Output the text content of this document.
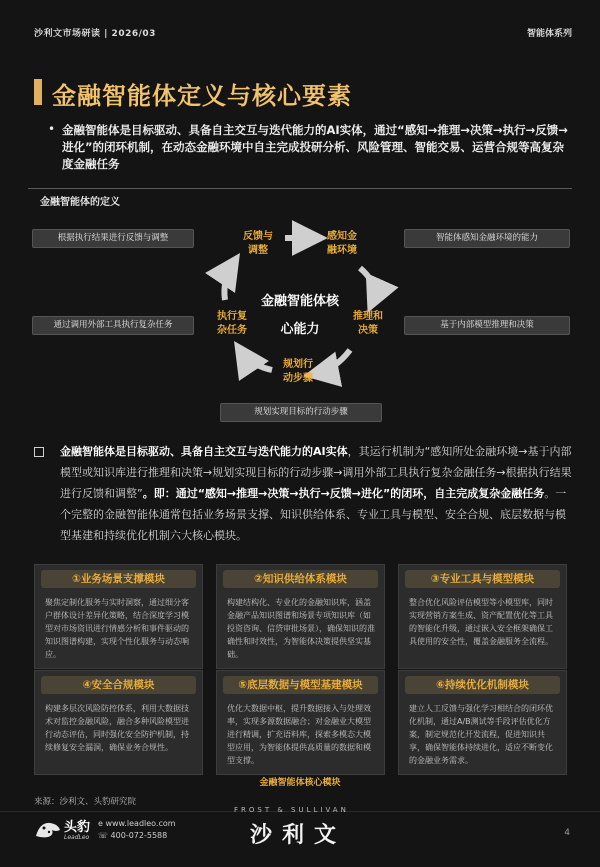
沙利文市场研读 | 2026/03	智能体系列
金融智能体定义与核心要素
• 金融智能体是目标驱动、具备自主交互与迭代能力的AI实体，通过“感知→推理→决策→执行→反馈→进化”的闭环机制，在动态金融环境中自主完成投研分析、风险管理、智能交易、运营合规等高复杂度金融任务
金融智能体的定义
根据执行结果进行反馈与调整	智能体感知金融环境的能力
通过调用外部工具执行复杂任务	基于内部模型推理和决策
规划实现目标的行动步骤
反馈与
调整
感知金
融环境
推理和
决策
规划行
动步骤
执行复
杂任务
金融智能体核
心能力
金融智能体是目标驱动、具备自主交互与迭代能力的AI实体，其运行机制为“感知所处金融环境→基于内部模型或知识库进行推理和决策→规划实现目标的行动步骤→调用外部工具执行复杂金融任务→根据执行结果进行反馈和调整”。即：通过“感知→推理→决策→执行→反馈→进化”的闭环，自主完成复杂金融任务。一个完整的金融智能体通常包括业务场景支撑、知识供给体系、专业工具与模型、安全合规、底层数据与模型基建和持续优化机制六大核心模块。
①业务场景支撑模块
聚焦定制化服务与实时洞察，通过细分客户群体设计差异化策略，结合深度学习模型对市场资讯进行情感分析和事件驱动的知识图谱构建，实现个性化服务与动态响应。
②知识供给体系模块
构建结构化、专业化的金融知识库，涵盖金融产品知识图谱和场景专项知识库（如投资咨询、信贷审批场景），确保知识的准确性和时效性，为智能体决策提供坚实基础。
③专业工具与模型模块
整合优化风险评估模型等小模型库，同时实现营销方案生成、资产配置优化等工具的智能化升级，通过嵌入安全框架确保工具使用的安全性，覆盖金融服务全流程。
④安全合规模块
构建多层次风险防控体系，利用大数据技术对监控金融风险，融合多种风险模型进行动态评估，同时强化安全防护机制，持续修复安全漏洞，确保业务合规性。
⑤底层数据与模型基建模块
优化大数据中枢，提升数据接入与处理效率，实现多源数据融合；对金融业大模型进行精调，扩充语料库，探索多模态大模型应用，为智能体提供高质量的数据和模型支撑。
⑥持续优化机制模块
建立人工反馈与强化学习相结合的闭环优化机制，通过A/B测试等手段评估优化方案，制定规范化开发流程，促进知识共享，确保智能体持续进化，适应不断变化的金融业务需求。
金融智能体核心模块
来源：沙利文、头豹研究院
头豹
LeadLeo
e www.leadleo.com
☏ 400-072-5588
FROST & SULLIVAN
沙利文	4
